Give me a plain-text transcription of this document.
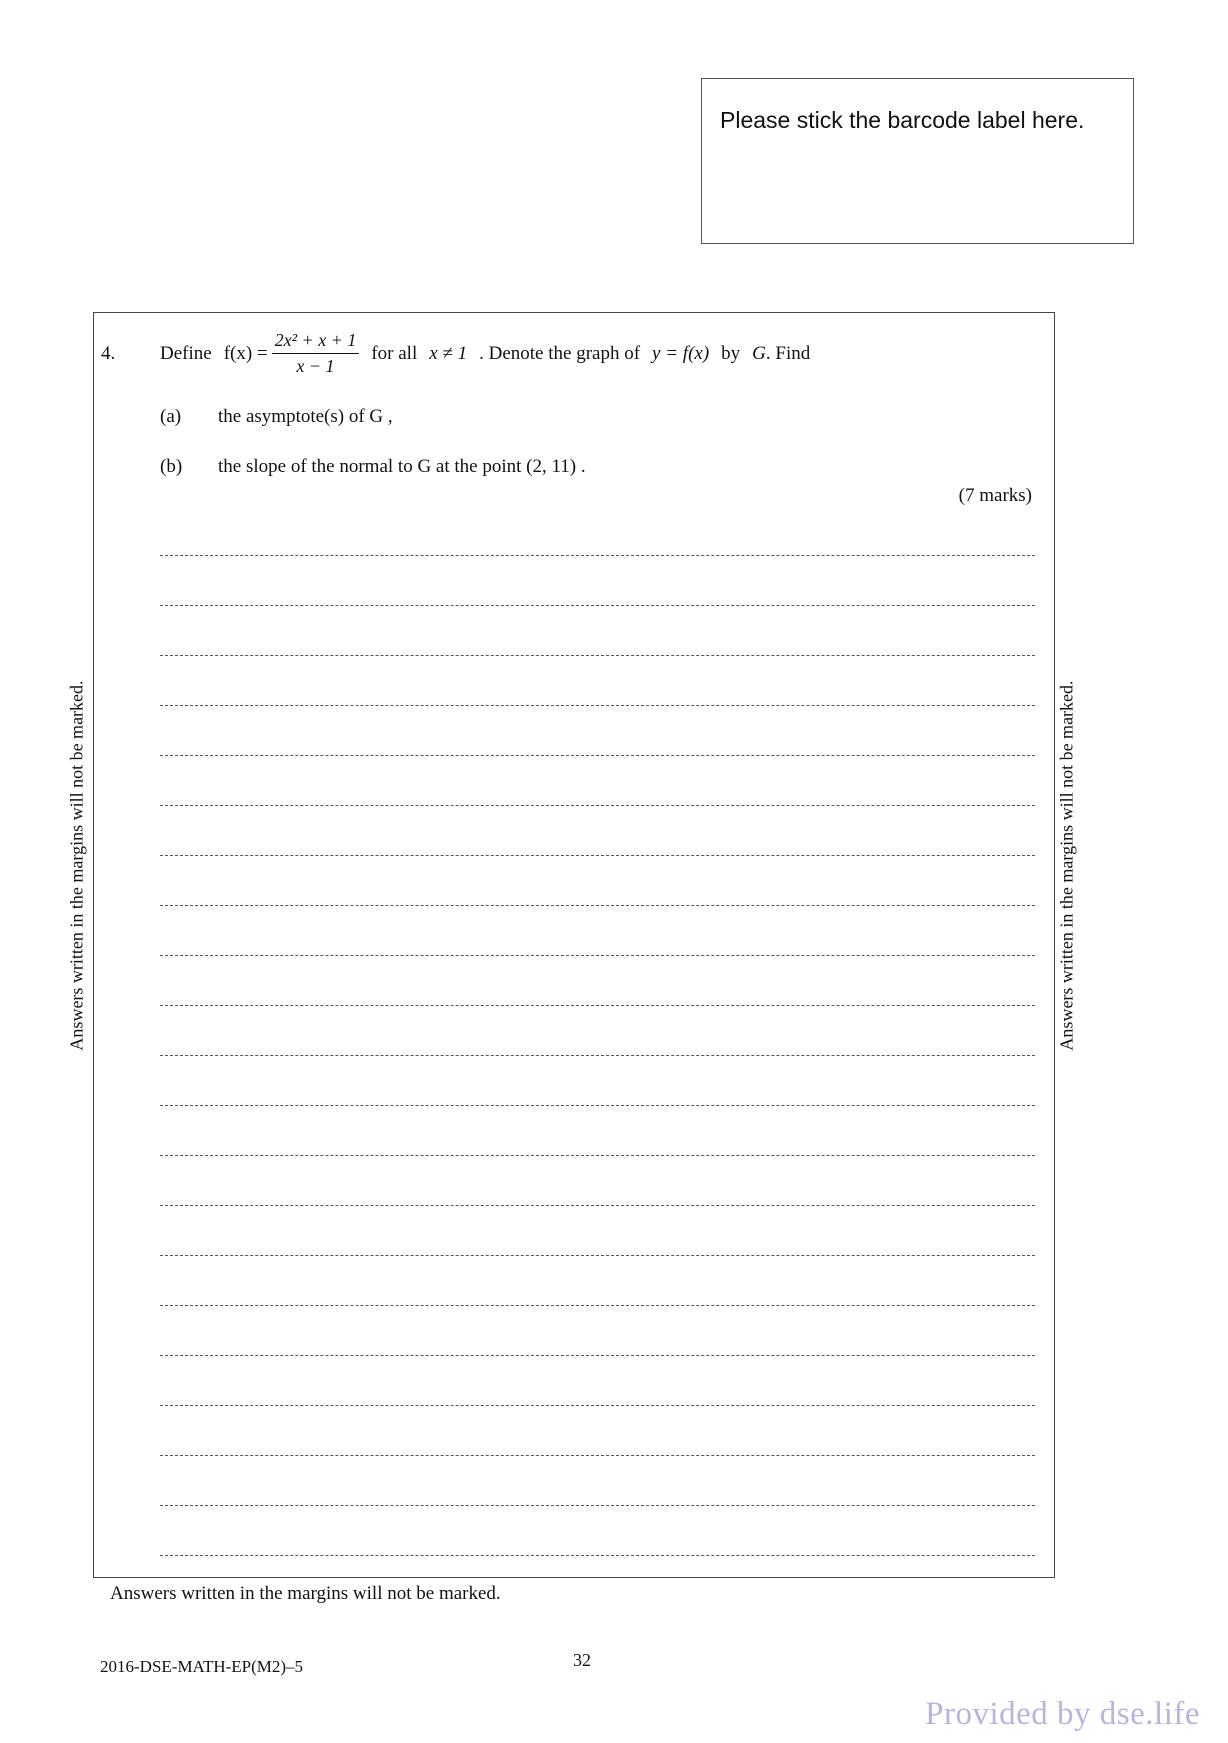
Please stick the barcode label here.
4. Define $f(x) = \frac{\text{2x² + x + 1}}{x - 1}$ for all x ≠ 1 . Denote the graph of y = f(x) by G . Find
(a) the asymptote(s) of G ,
(b) the slope of the normal to G at the point (2, 11) .
(7 marks)
Answers written in the margins will not be marked.	Answers written in the margins will not be marked.
Answers written in the margins will not be marked.
2016-DSE-MATH-EP(M2)–5	32
Provided by dse.life
